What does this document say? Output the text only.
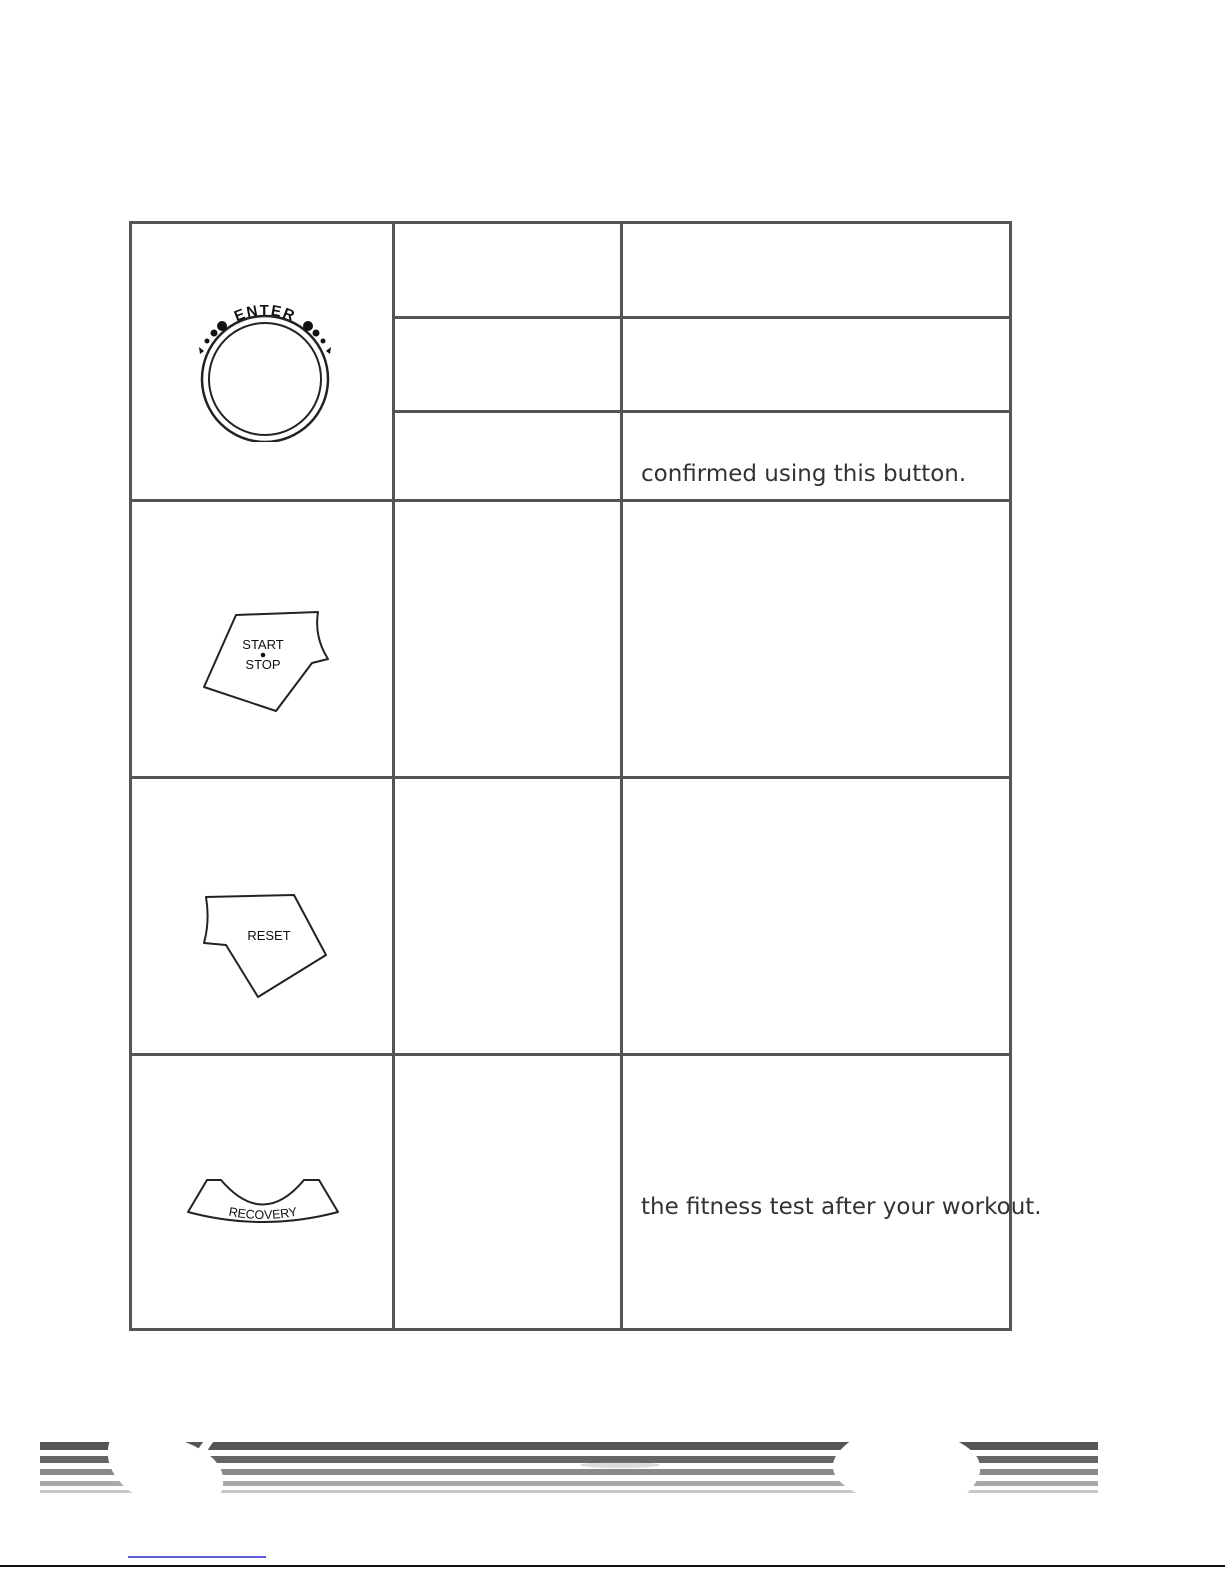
ENTER
confirmed using this button.
START
STOP
RESET
RECOVERY	the fitness test after your workout.
